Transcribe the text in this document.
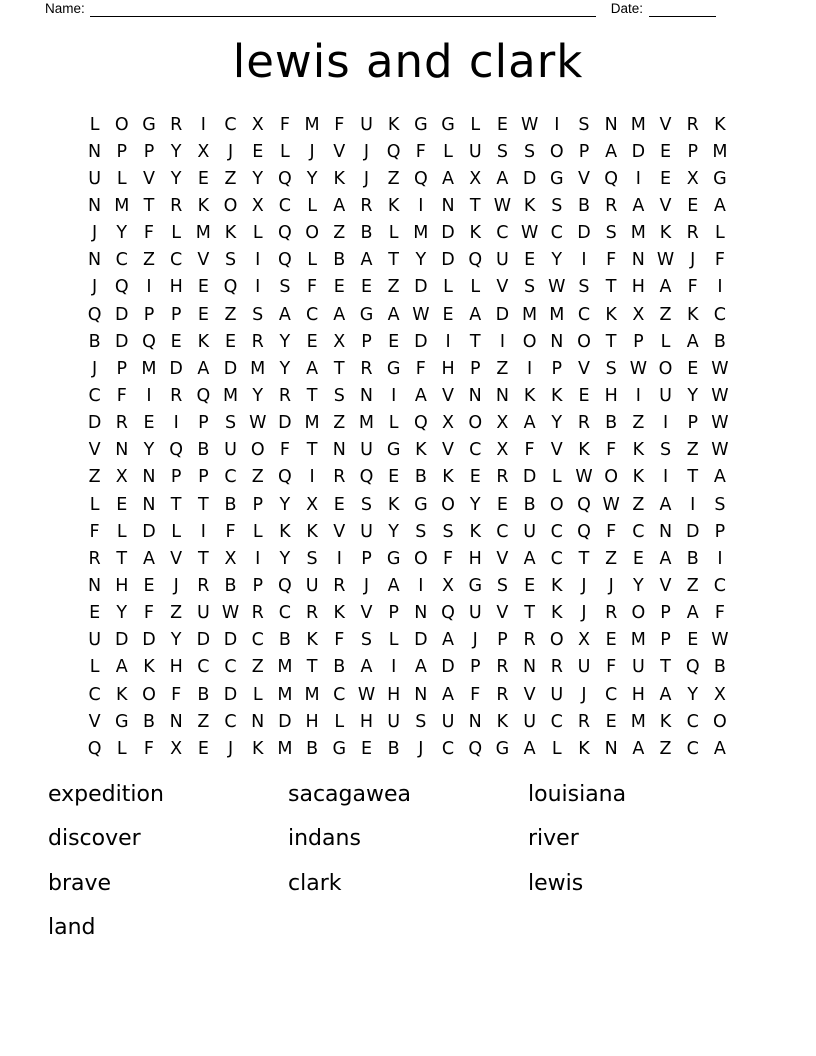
Name:	Date:
lewis and clark
L O G R	I	C X F M F U K G G L E W I	S N M V R K
N P P Y X	J	E L	J	V	J	Q F L U S S O P A D E P M
U L V Y E Z Y Q Y K	J	Z Q A X A D G V Q	I	E X G
N M T R K O X C L A R K	I	N T W K S B R A V E A
J	Y F L M K L Q O Z B L M D K C W C D S M K R L
N C Z C V S	I	Q L B A T Y D Q U E Y	I	F N W J	F
J	Q	I	H E Q	I	S F E E Z D L L V S W S T H A F	I
Q D P P E Z S A C A G A W E A D M M C K X Z K C
B D Q E K E R Y E X P E D	I	T	I	O N O T P L A B
J	P M D A D M Y A T R G F H P Z	I	P V S W O E W
C F	I	R Q M Y R T S N	I	A V N N K K E H	I	U Y W
D R E	I	P S W D M Z M L Q X O X A Y R B Z	I	P W
V N Y Q B U O F T N U G K V C X F V K F K S Z W
Z X N P P C Z Q	I	R Q E B K E R D L W O K	I	T A
L E N T T B P Y X E S K G O Y E B O Q W Z A	I	S
F L D L	I	F L K K V U Y S S K C U C Q F C N D P
R T A V T X	I	Y S	I	P G O F H V A C T Z E A B	I
N H E	J	R B P Q U R	J	A	I	X G S E K	J	J	Y V Z C
E Y F Z U W R C R K V P N Q U V T K	J	R O P A F
U D D Y D D C B K F S L D A	J	P R O X E M P E W
L A K H C C Z M T B A	I	A D P R N R U F U T Q B
C K O F B D L M M C W H N A F R V U	J	C H A Y X
V G B N Z C N D H L H U S U N K U C R E M K C O
Q L F X E	J	K M B G E B	J	C Q G A L K N A Z C A
expedition
discover
brave
land
sacagawea
indans
clark
louisiana
river
lewis
